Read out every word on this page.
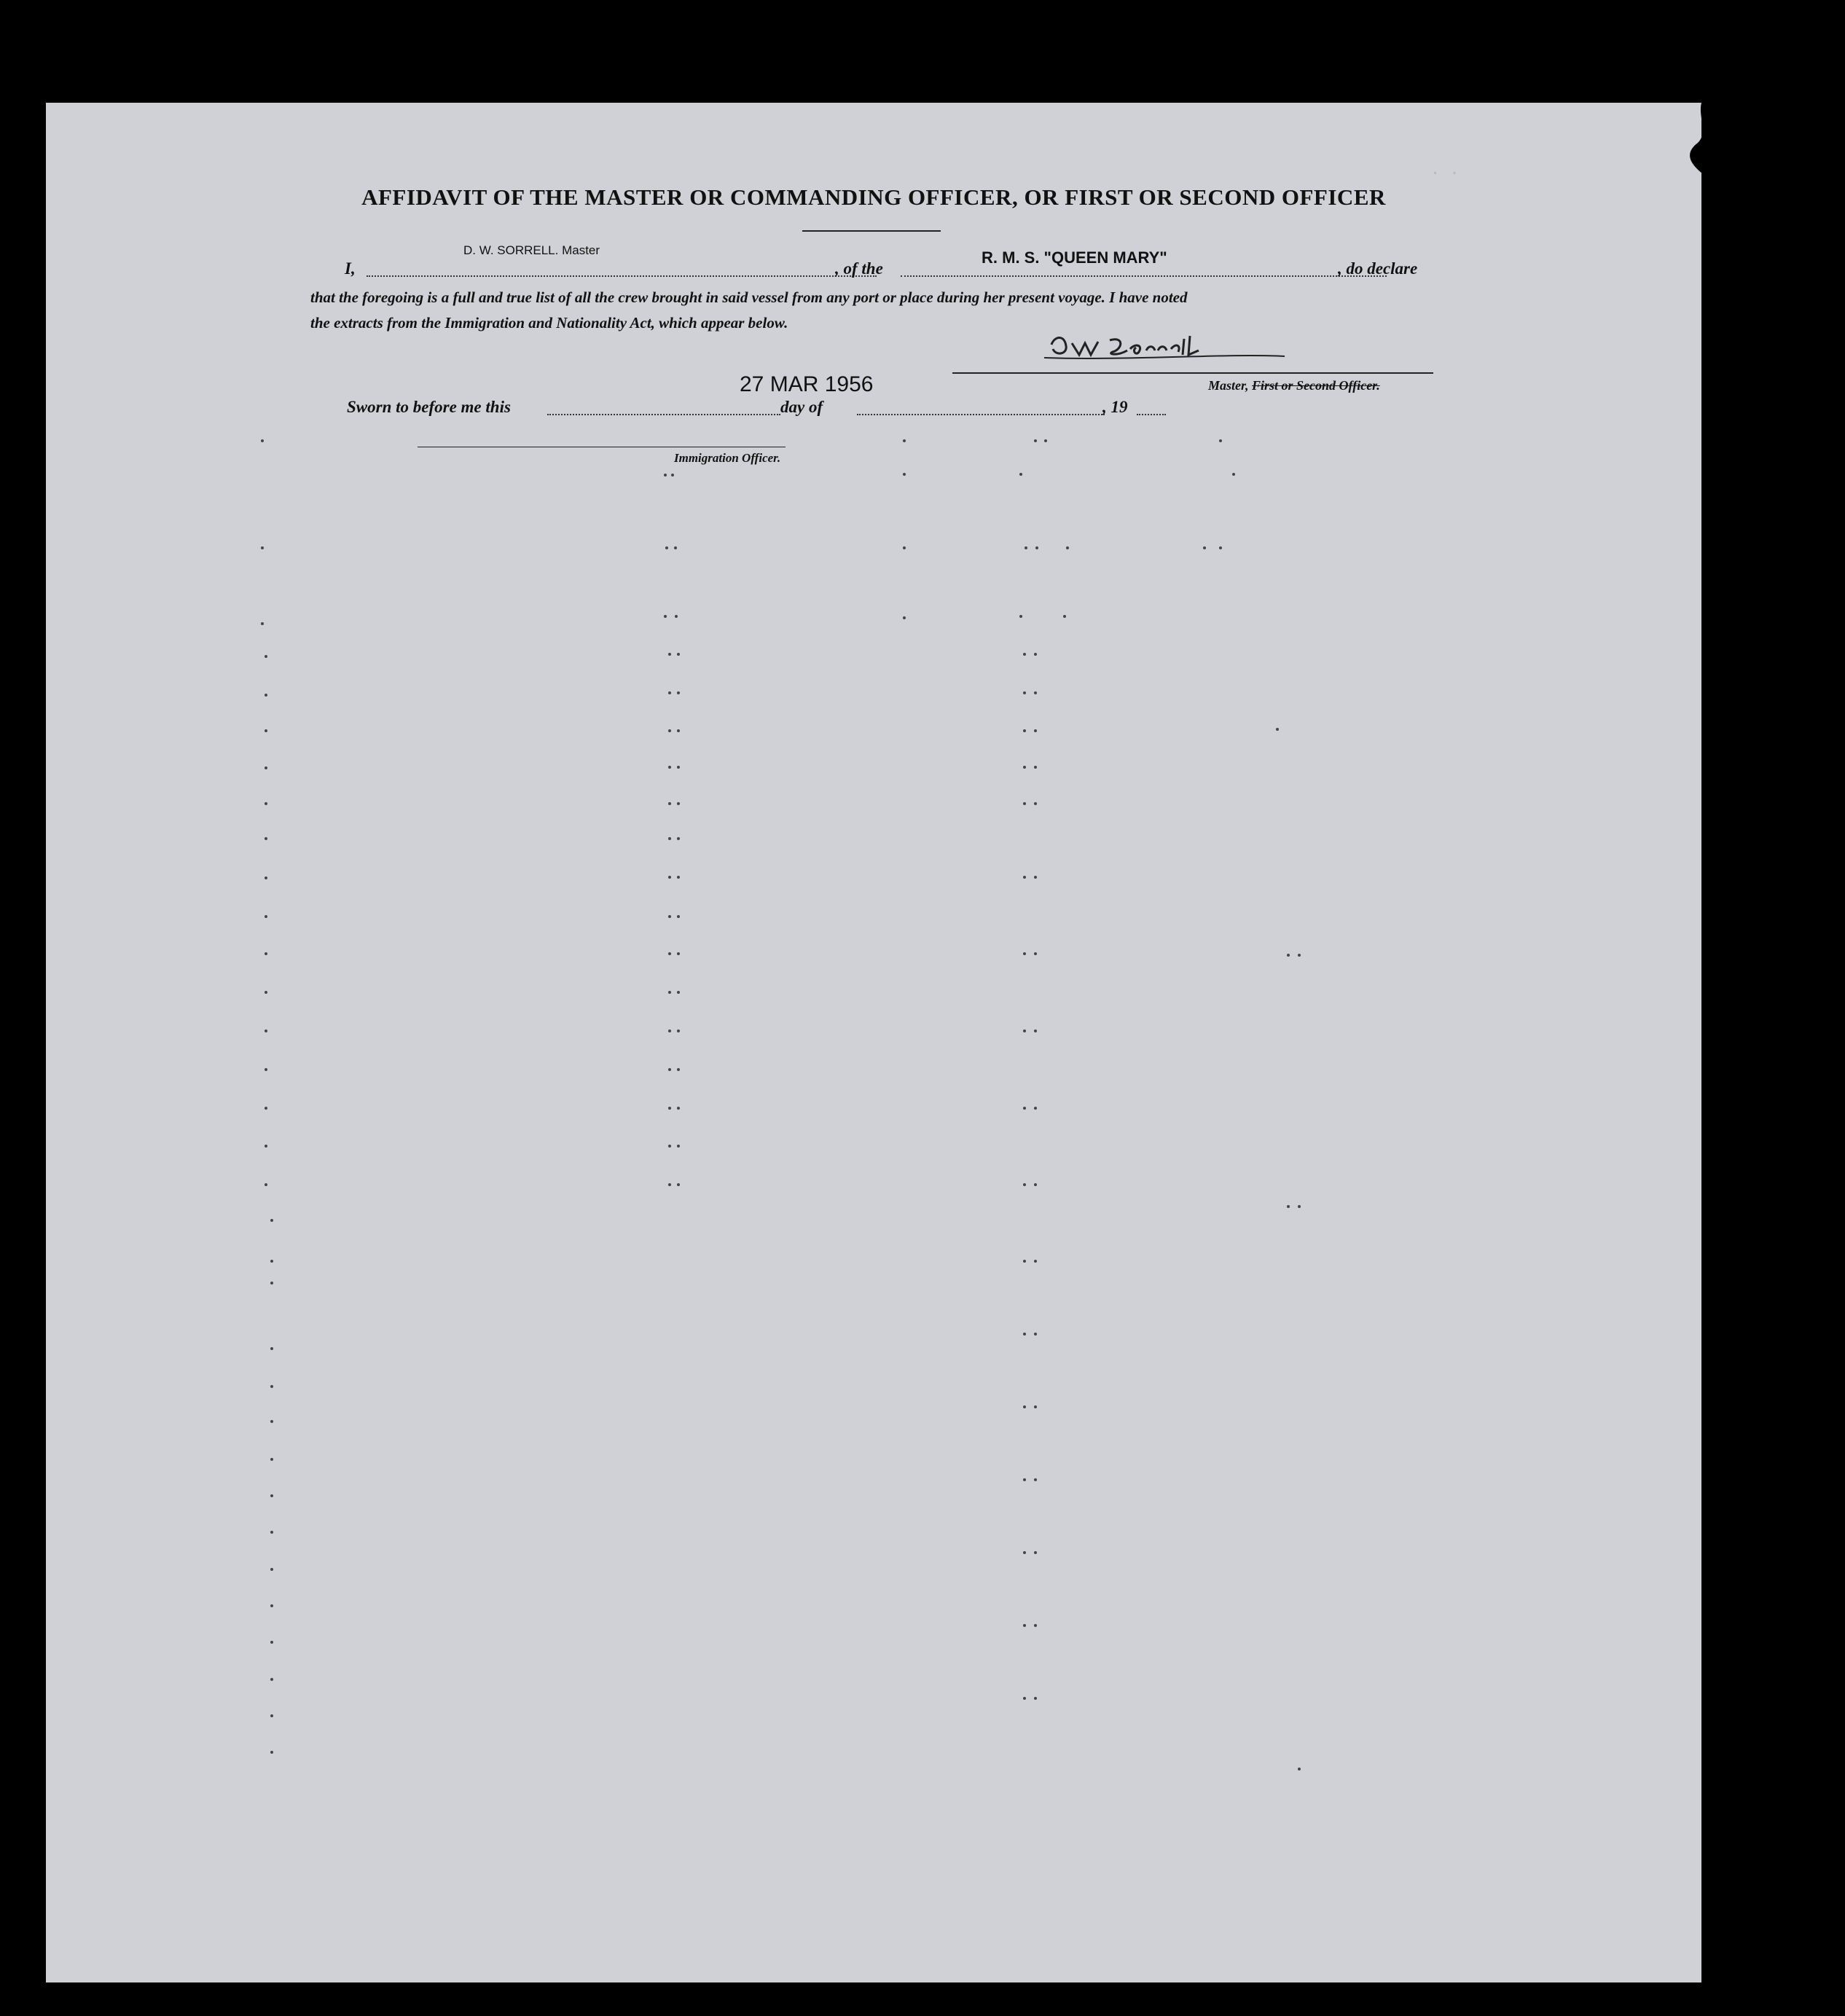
. .
AFFIDAVIT OF THE MASTER OR COMMANDING OFFICER, OR FIRST OR SECOND OFFICER
I,
D. W. SORRELL. Master
, of the
R. M. S. "QUEEN MARY"
, do declare
that the foregoing is a full and true list of all the crew brought in said vessel from any port or place during her present voyage. I have noted
the extracts from the Immigration and Nationality Act, which appear below.
Master, First or Second Officer.
Sworn to before me this
27 MAR 1956
day of	, 19
Immigration Officer.
